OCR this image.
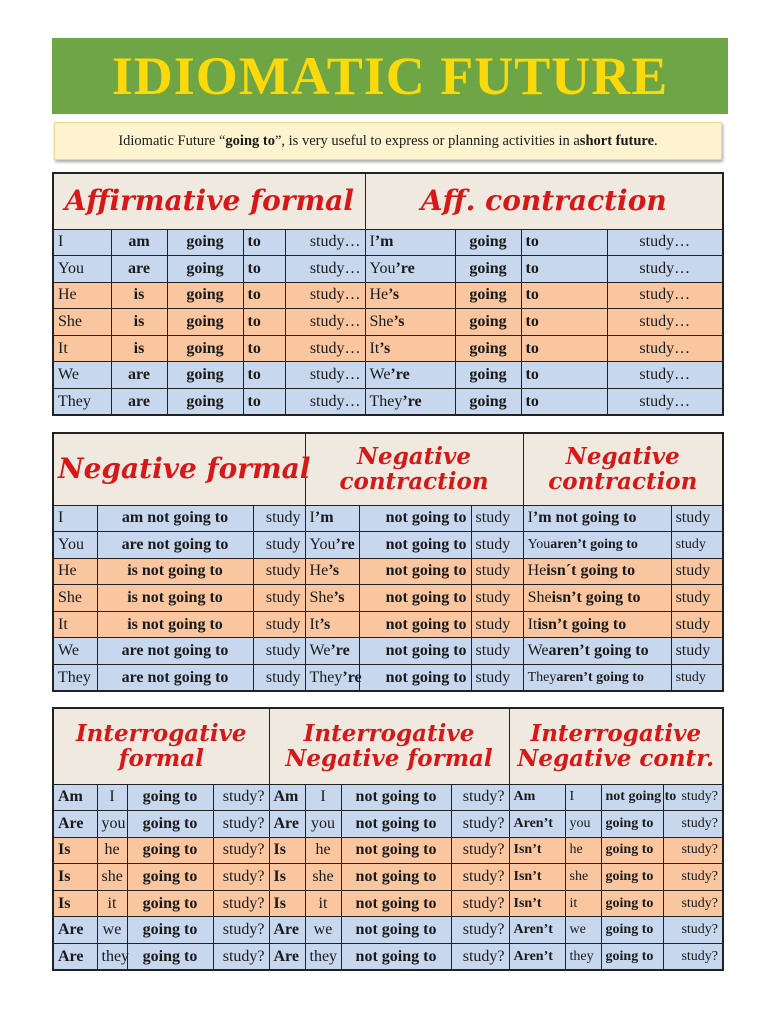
IDIOMATIC FUTURE
Idiomatic Future “ going to ”, is very useful to express or planning activities in a short future .
Affirmative formal					Aff. contraction			
I	am	going	to	study…	I’m	going	to	study…
You	are	going	to	study…	You’re	going	to	study…
He	is	going	to	study…	He’s	going	to	study…
She	is	going	to	study…	She’s	going	to	study…
It	is	going	to	study…	It’s	going	to	study…
We	are	going	to	study…	We’re	going	to	study…
They	are	going	to	study…	They’re	going	to	study…
Negative formal			Negative contraction			Negative contraction	
I	am not going to	study	I’m	not going to	study	I’m not going to	study
You	are not going to	study	You’re	not going to	study	Youaren’t going to	study
He	is not going to	study	He’s	not going to	study	Heisn´t going to	study
She	is not going to	study	She’s	not going to	study	Sheisn’t going to	study
It	is not going to	study	It’s	not going to	study	Itisn’t going to	study
We	are not going to	study	We’re	not going to	study	Wearen’t going to	study
They	are not going to	study	They’re	not going to	study	Theyaren’t going to	study
Interrogative formal				Interrogative Negative formal				Interrogative Negative contr.			
Am	I	going to	study?	Am	I	not going to	study?	Am	I	not going to	study?
Are	you	going to	study?	Are	you	not going to	study?	Aren’t	you	going to	study?
Is	he	going to	study?	Is	he	not going to	study?	Isn’t	he	going to	study?
Is	she	going to	study?	Is	she	not going to	study?	Isn’t	she	going to	study?
Is	it	going to	study?	Is	it	not going to	study?	Isn’t	it	going to	study?
Are	we	going to	study?	Are	we	not going to	study?	Aren’t	we	going to	study?
Are	they	going to	study?	Are	they	not going to	study?	Aren’t	they	going to	study?
